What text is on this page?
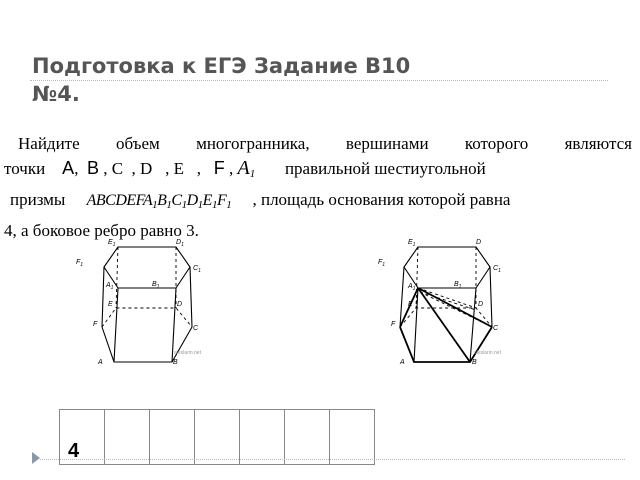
Подготовка к ЕГЭ Задание В10
№4.

Найдите объем многогранника, вершинами которого являются
точки A,  B , C  , D   , E   ,   F , $A_1$ правильной шестиугольной
призмы $ABCDEFA_1B_1C_1D_1E_1F_1$ , площадь основания которой равна
4, а боковое ребро равно 3.

$E_1$	$D_1$
$F_1$	$C_1$
$A_1$	$B_1$
E	D
F
C
A	B
alexlarin.net
$E_1$	D
$F_1$	$C_1$
$A_1$
$B_1$
E	D
F
C
A	B
alexlarin.net
4
